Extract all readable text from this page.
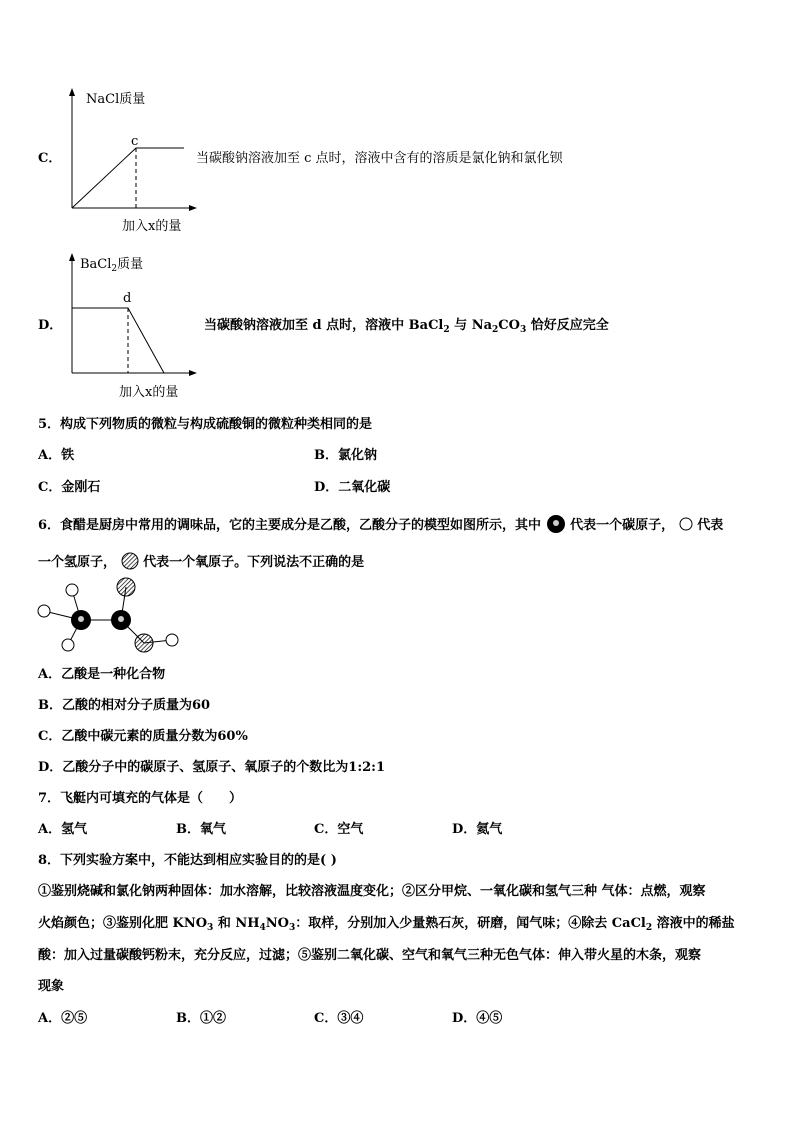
C．
NaCl质量
c
加入x的量
当碳酸钠溶液加至 c 点时，溶液中含有的溶质是氯化钠和氯化钡
D．
BaCl$_2$质量
d
加入x的量
当碳酸钠溶液加至 d 点时，溶液中 BaCl$_2$ 与 $Na_2CO_3$ 恰好反应完全
5．构成下列物质的微粒与构成硫酸铜的微粒种类相同的是
A．铁	B．氯化钠
C．金刚石	D．二氧化碳
6．食醋是厨房中常用的调味品，它的主要成分是乙酸，乙酸分子的模型如图所示，其中 代表一个碳原子， 代表
一个氢原子， 代表一个氧原子。下列说法不正确的是
A．乙酸是一种化合物
B．乙酸的相对分子质量为60
C．乙酸中碳元素的质量分数为60%
D．乙酸分子中的碳原子、氢原子、氧原子的个数比为1:2:1
7．飞艇内可填充的气体是（　　）
A．氢气	B．氧气	C．空气	D．氦气
8．下列实验方案中，不能达到相应实验目的的是( )
①鉴别烧碱和氯化钠两种固体：加水溶解，比较溶液温度变化；②区分甲烷、一氧化碳和氢气三种 气体：点燃，观察
火焰颜色；③鉴别化肥 $KNO_3$ 和 $NH_4NO_3$：取样，分别加入少量熟石灰，研磨，闻气味；④除去 CaCl$_2$ 溶液中的稀盐
酸：加入过量碳酸钙粉末，充分反应，过滤；⑤鉴别二氧化碳、空气和氧气三种无色气体：伸入带火星的木条，观察
现象
A．②⑤	B．①②	C．③④	D．④⑤
